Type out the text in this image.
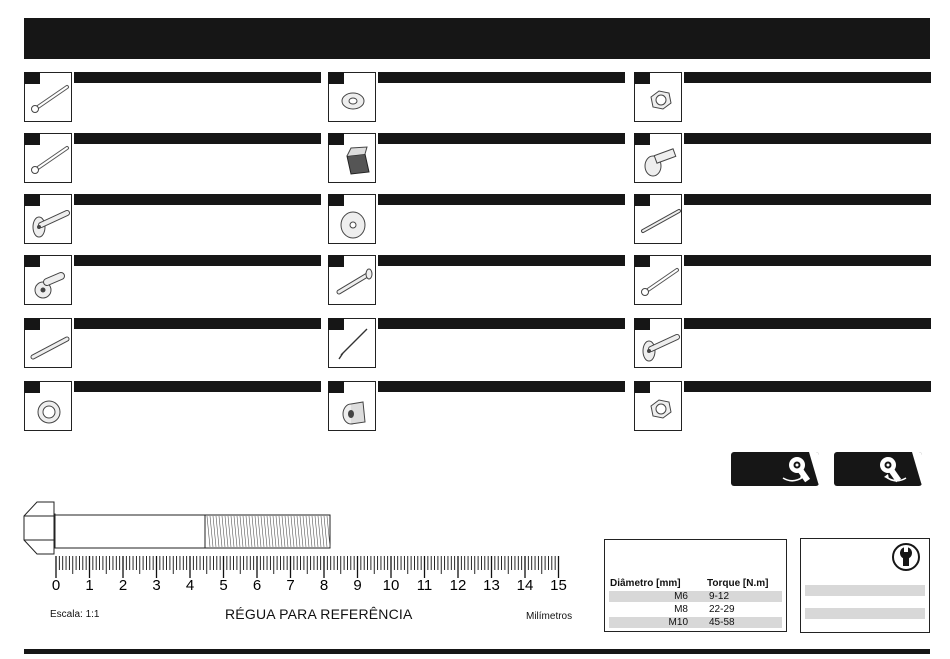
0 1 2 3 4 5 6 7 8 9 10 11 12 13 14 15
Escala: 1:1	RÉGUA PARA REFERÊNCIA	Milímetros
Diâmetro [mm]	Torque [N.m]
M6 9-12
M8 22-29
M10 45-58
